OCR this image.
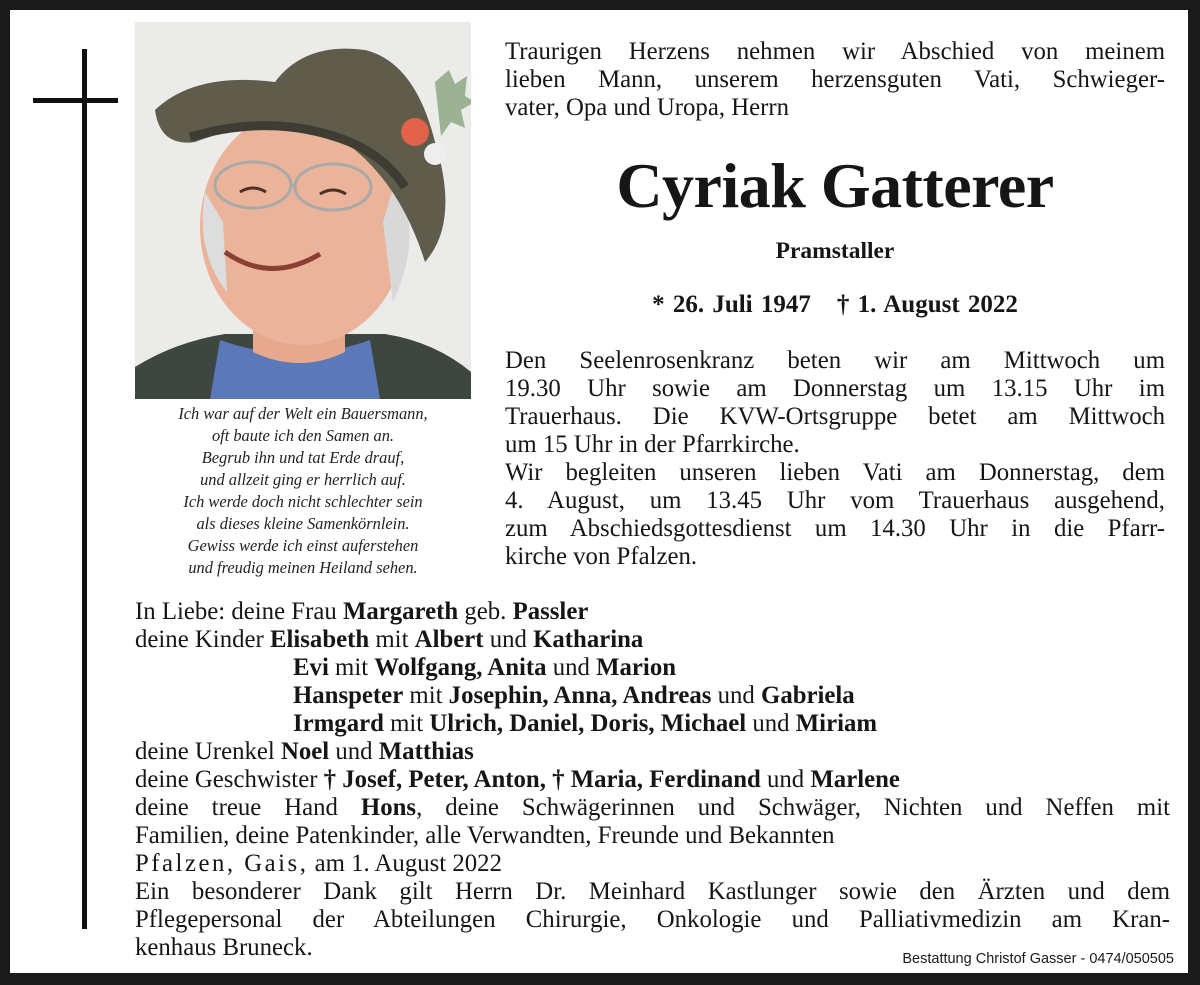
Ich war auf der Welt ein Bauersmann,
oft baute ich den Samen an.
Begrub ihn und tat Erde drauf,
und allzeit ging er herrlich auf.
Ich werde doch nicht schlechter sein
als dieses kleine Samenkörnlein.
Gewiss werde ich einst auferstehen
und freudig meinen Heiland sehen.
Traurigen Herzens nehmen wir Abschied von meinem
lieben Mann, unserem herzensguten Vati, Schwieger-
vater, Opa und Uropa, Herrn
Cyriak Gatterer
Pramstaller
* 26. Juli 1947 † 1. August 2022
Den Seelenrosenkranz beten wir am Mittwoch um
19.30 Uhr sowie am Donnerstag um 13.15 Uhr im
Trauerhaus. Die KVW-Ortsgruppe betet am Mittwoch
um 15 Uhr in der Pfarrkirche.
Wir begleiten unseren lieben Vati am Donnerstag, dem
4. August, um 13.45 Uhr vom Trauerhaus ausgehend,
zum Abschiedsgottesdienst um 14.30 Uhr in die Pfarr-
kirche von Pfalzen.
In Liebe: deine Frau Margareth geb. Passler
deine Kinder Elisabeth mit Albert und Katharina
Evi mit Wolfgang, Anita und Marion
Hanspeter mit Josephin, Anna, Andreas und Gabriela
Irmgard mit Ulrich, Daniel, Doris, Michael und Miriam
deine Urenkel Noel und Matthias
deine Geschwister † Josef, Peter, Anton, † Maria, Ferdinand und Marlene
deine treue Hand Hons, deine Schwägerinnen und Schwäger, Nichten und Neffen mit
Familien, deine Patenkinder, alle Verwandten, Freunde und Bekannten
Pfalzen, Gais, am 1. August 2022
Ein besonderer Dank gilt Herrn Dr. Meinhard Kastlunger sowie den Ärzten und dem
Pflegepersonal der Abteilungen Chirurgie, Onkologie und Palliativmedizin am Kran-
kenhaus Bruneck.	Bestattung Christof Gasser - 0474/050505
